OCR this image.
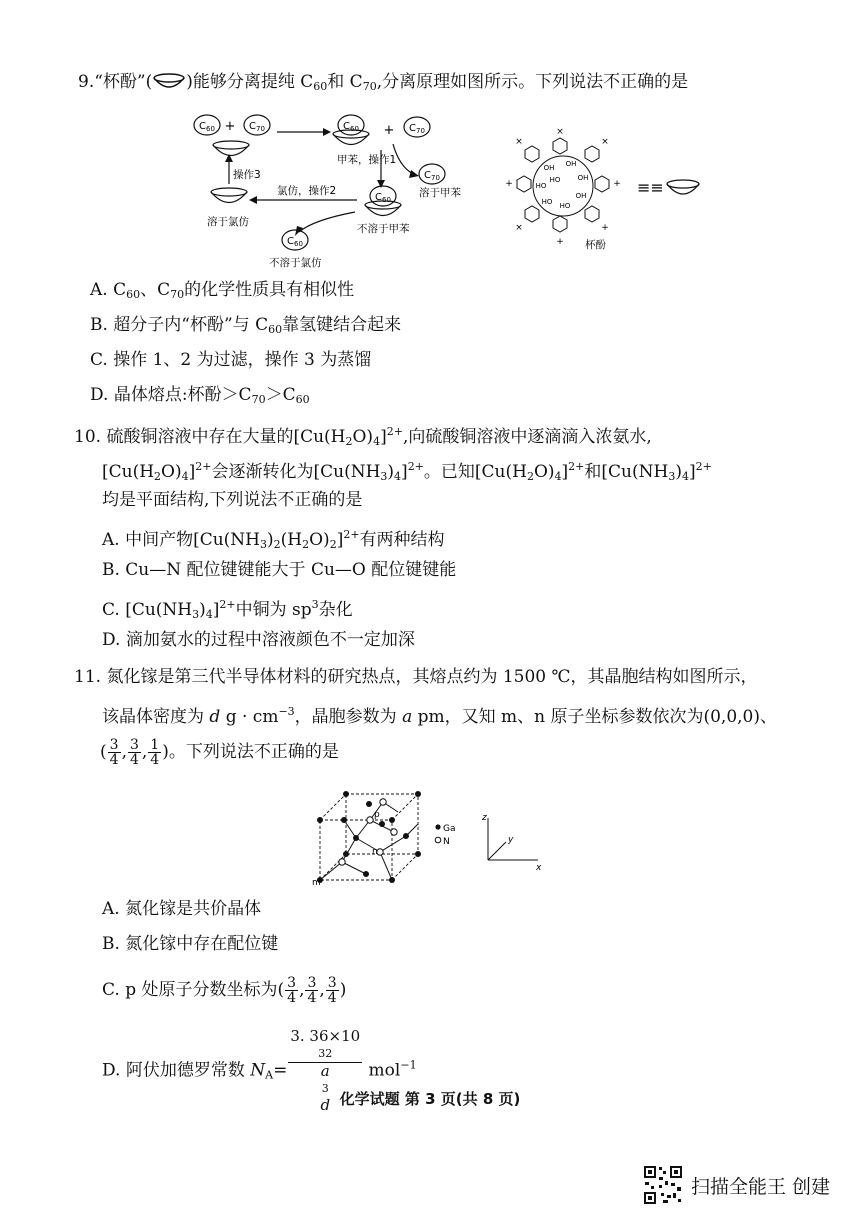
9.“杯酚”( )能够分离提纯 $C_{60}$和 $C_{70}$,分离原理如图所示。下列说法不正确的是
$C_{60} + C_{70}$	$C_{60} + C_{70}$
甲苯，操作1
$C_{70}$
溶于甲苯
$C_{60}$
不溶于甲苯
氯仿，操作2
溶于氯仿
操作3
$C_{60}$
不溶于氯仿
OH OH
OH
OH
HO
HO
HO
HO
×
×
+
+
+
×
+
×
杯酚
≡≡
A. $C_{60}$、$C_{70}$的化学性质具有相似性
B. 超分子内“杯酚”与 $C_{60}$靠氢键结合起来
C. 操作 1、2 为过滤，操作 3 为蒸馏
D. 晶体熔点:杯酚$>C_{70}>C_{60}$
10. 硫酸铜溶液中存在大量的$[Cu(H_2O)_4]^{2+}$,向硫酸铜溶液中逐滴滴入浓氨水,
$[Cu(H_2O)_4]^{2+}$会逐渐转化为$[Cu(NH_3)_4]^{2+}$。已知$[Cu(H_2O)_4]^{2+}$和$[Cu(NH_3)_4]^{2+}$
均是平面结构,下列说法不正确的是
A. 中间产物$[Cu(NH_3)_2(H_2O)_2]^{2+}$有两种结构
B. Cu—N 配位键键能大于 Cu—O 配位键键能
C. $[Cu(NH_3)_4]^{2+}$中铜为 $sp^3$杂化
D. 滴加氨水的过程中溶液颜色不一定加深
11. 氮化镓是第三代半导体材料的研究热点，其熔点约为 1500 ℃，其晶胞结构如图所示，
该晶体密度为 d $g \cdot cm^{-3}$，晶胞参数为 a pm，又知 m、n 原子坐标参数依次为(0,0,0)、
( $\frac{3}{4}$ , $\frac{3}{4}$ , $\frac{1}{4}$ )。下列说法不正确的是
m
n
p
Ga
N
z
y
x
A. 氮化镓是共价晶体
B. 氮化镓中存在配位键
C. p 处原子分数坐标为( $\frac{3}{4}$ , $\frac{3}{4}$ , $\frac{3}{4}$ )
D. 阿伏加德罗常数 $N_A= 3$. 36×10
32
a
3
d mol$^{-1}$
化学试题 第 3 页(共 8 页)
扫描全能王 创建
